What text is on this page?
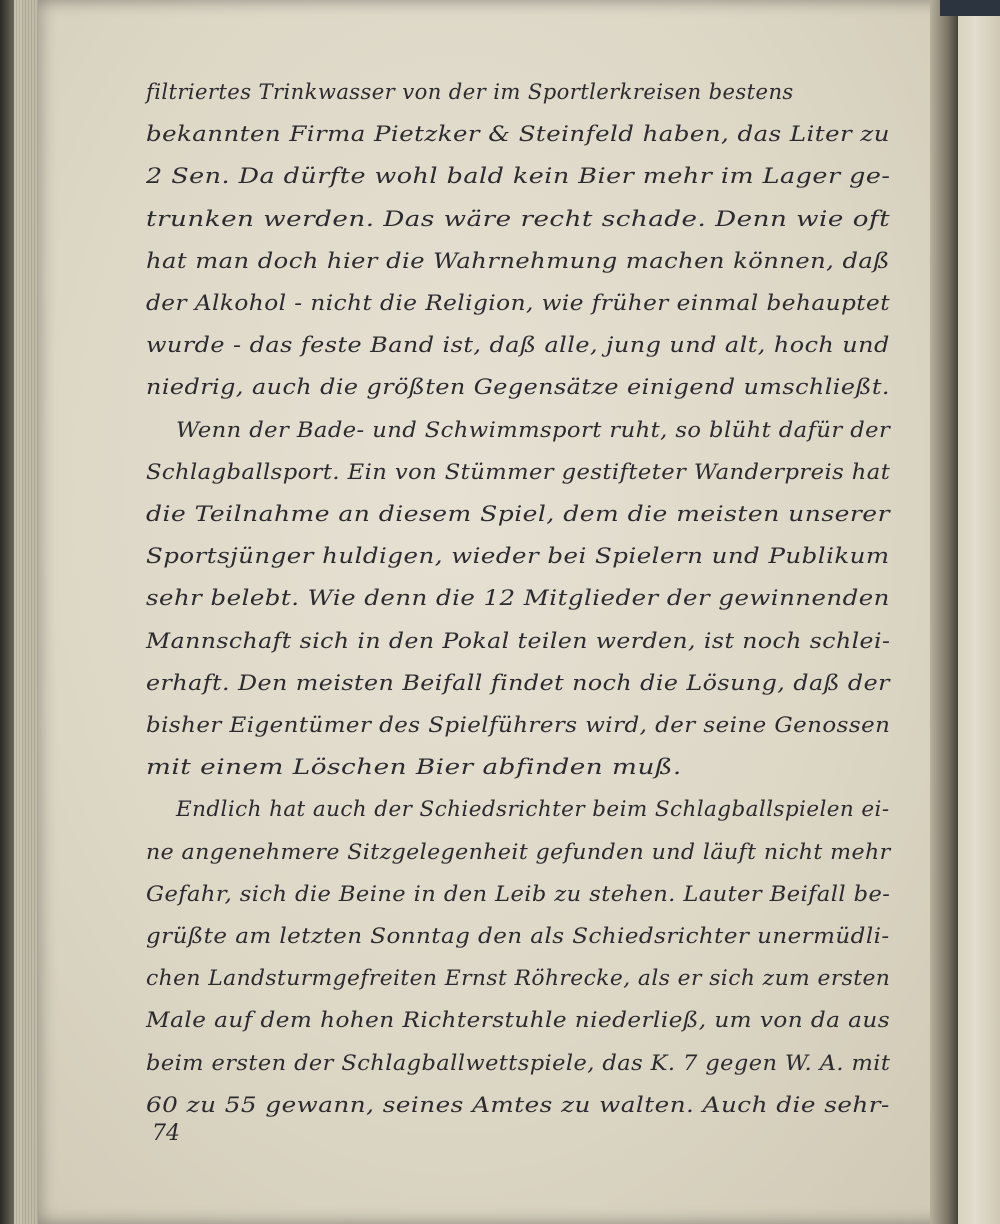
filtriertes Trinkwasser von der im Sportlerkreisen bestens
bekannten Firma Pietzker & Steinfeld haben, das Liter zu
2 Sen. Da dürfte wohl bald kein Bier mehr im Lager ge-
trunken werden. Das wäre recht schade. Denn wie oft
hat man doch hier die Wahrnehmung machen können, daß
der Alkohol - nicht die Religion, wie früher einmal behauptet
wurde - das feste Band ist, daß alle, jung und alt, hoch und
niedrig, auch die größten Gegensätze einigend umschließt.
Wenn der Bade- und Schwimmsport ruht, so blüht dafür der
Schlagballsport. Ein von Stümmer gestifteter Wanderpreis hat
die Teilnahme an diesem Spiel, dem die meisten unserer
Sportsjünger huldigen, wieder bei Spielern und Publikum
sehr belebt. Wie denn die 12 Mitglieder der gewinnenden
Mannschaft sich in den Pokal teilen werden, ist noch schlei-
erhaft. Den meisten Beifall findet noch die Lösung, daß der
bisher Eigentümer des Spielführers wird, der seine Genossen
mit einem Löschen Bier abfinden muß.
Endlich hat auch der Schiedsrichter beim Schlagballspielen ei-
ne angenehmere Sitzgelegenheit gefunden und läuft nicht mehr
Gefahr, sich die Beine in den Leib zu stehen. Lauter Beifall be-
grüßte am letzten Sonntag den als Schiedsrichter unermüdli-
chen Landsturmgefreiten Ernst Röhrecke, als er sich zum ersten
Male auf dem hohen Richterstuhle niederließ, um von da aus
beim ersten der Schlagballwettspiele, das K. 7 gegen W. A. mit
60 zu 55 gewann, seines Amtes zu walten. Auch die sehr-
74
